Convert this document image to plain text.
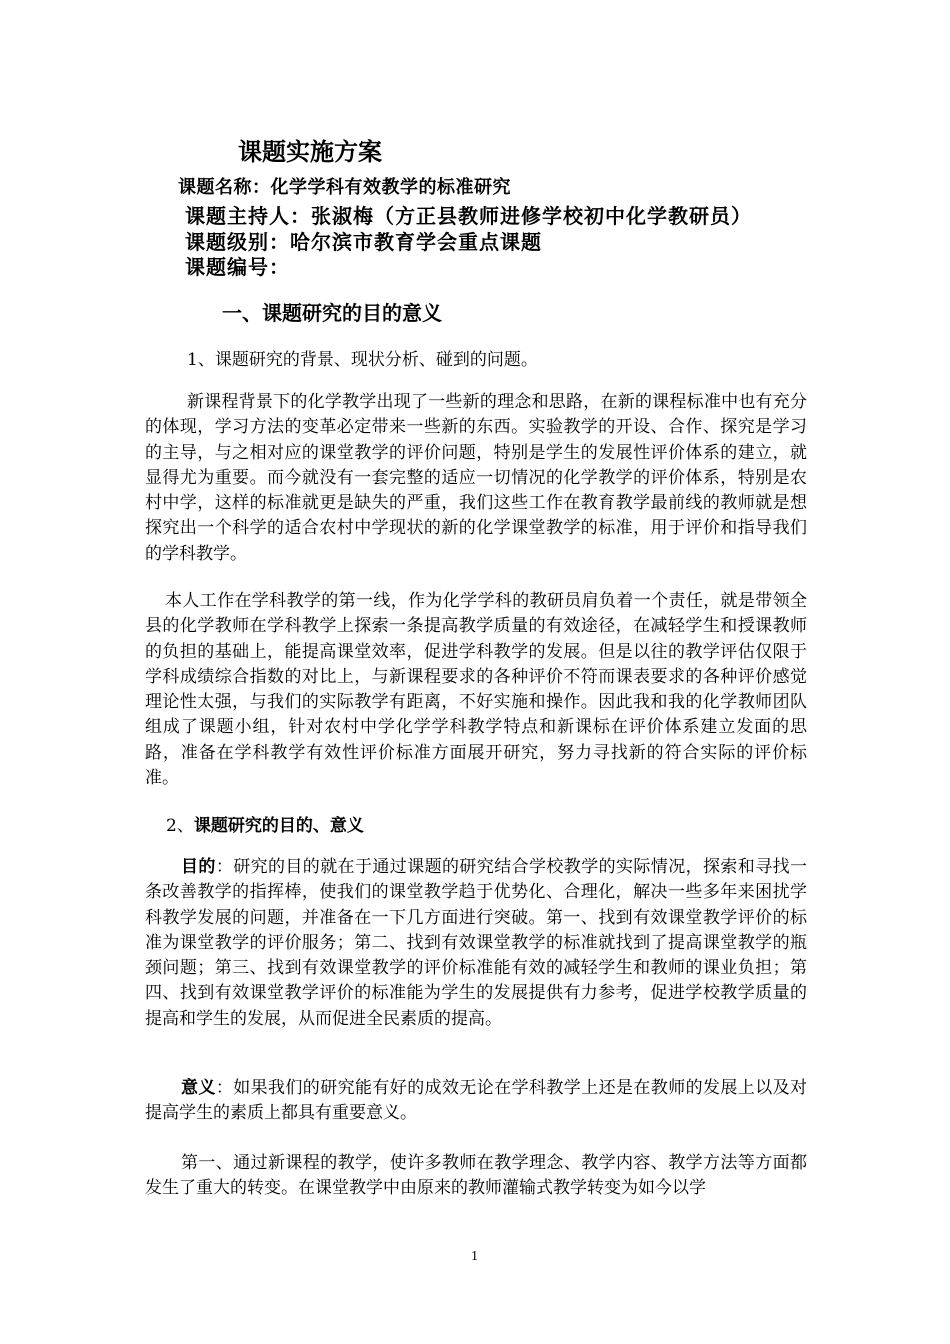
课题实施方案
课题名称：化学学科有效教学的标准研究
课题主持人：张淑梅（方正县教师进修学校初中化学教研员）
课题级别：哈尔滨市教育学会重点课题
课题编号：
一、课题研究的目的意义
1、课题研究的背景、现状分析、碰到的问题。
新课程背景下的化学教学出现了一些新的理念和思路，在新的课程标准中也有充分的体现，学习方法的变革必定带来一些新的东西。实验教学的开设、合作、探究是学习的主导，与之相对应的课堂教学的评价问题，特别是学生的发展性评价体系的建立，就显得尤为重要。而今就没有一套完整的适应一切情况的化学教学的评价体系，特别是农村中学，这样的标准就更是缺失的严重，我们这些工作在教育教学最前线的教师就是想探究出一个科学的适合农村中学现状的新的化学课堂教学的标准，用于评价和指导我们的学科教学。
本人工作在学科教学的第一线，作为化学学科的教研员肩负着一个责任，就是带领全县的化学教师在学科教学上探索一条提高教学质量的有效途径，在减轻学生和授课教师的负担的基础上，能提高课堂效率，促进学科教学的发展。但是以往的教学评估仅限于学科成绩综合指数的对比上，与新课程要求的各种评价不符而课表要求的各种评价感觉理论性太强，与我们的实际教学有距离，不好实施和操作。因此我和我的化学教师团队组成了课题小组，针对农村中学化学学科教学特点和新课标在评价体系建立发面的思路，准备在学科教学有效性评价标准方面展开研究，努力寻找新的符合实际的评价标准。
2、课题研究的目的、意义
目的：研究的目的就在于通过课题的研究结合学校教学的实际情况，探索和寻找一条改善教学的指挥棒，使我们的课堂教学趋于优势化、合理化，解决一些多年来困扰学科教学发展的问题，并准备在一下几方面进行突破。第一、找到有效课堂教学评价的标准为课堂教学的评价服务；第二、找到有效课堂教学的标准就找到了提高课堂教学的瓶颈问题；第三、找到有效课堂教学的评价标准能有效的减轻学生和教师的课业负担；第四、找到有效课堂教学评价的标准能为学生的发展提供有力参考，促进学校教学质量的提高和学生的发展，从而促进全民素质的提高。
意义：如果我们的研究能有好的成效无论在学科教学上还是在教师的发展上以及对提高学生的素质上都具有重要意义。
第一、通过新课程的教学，使许多教师在教学理念、教学内容、教学方法等方面都发生了重大的转变。在课堂教学中由原来的教师灌输式教学转变为如今以学
1
